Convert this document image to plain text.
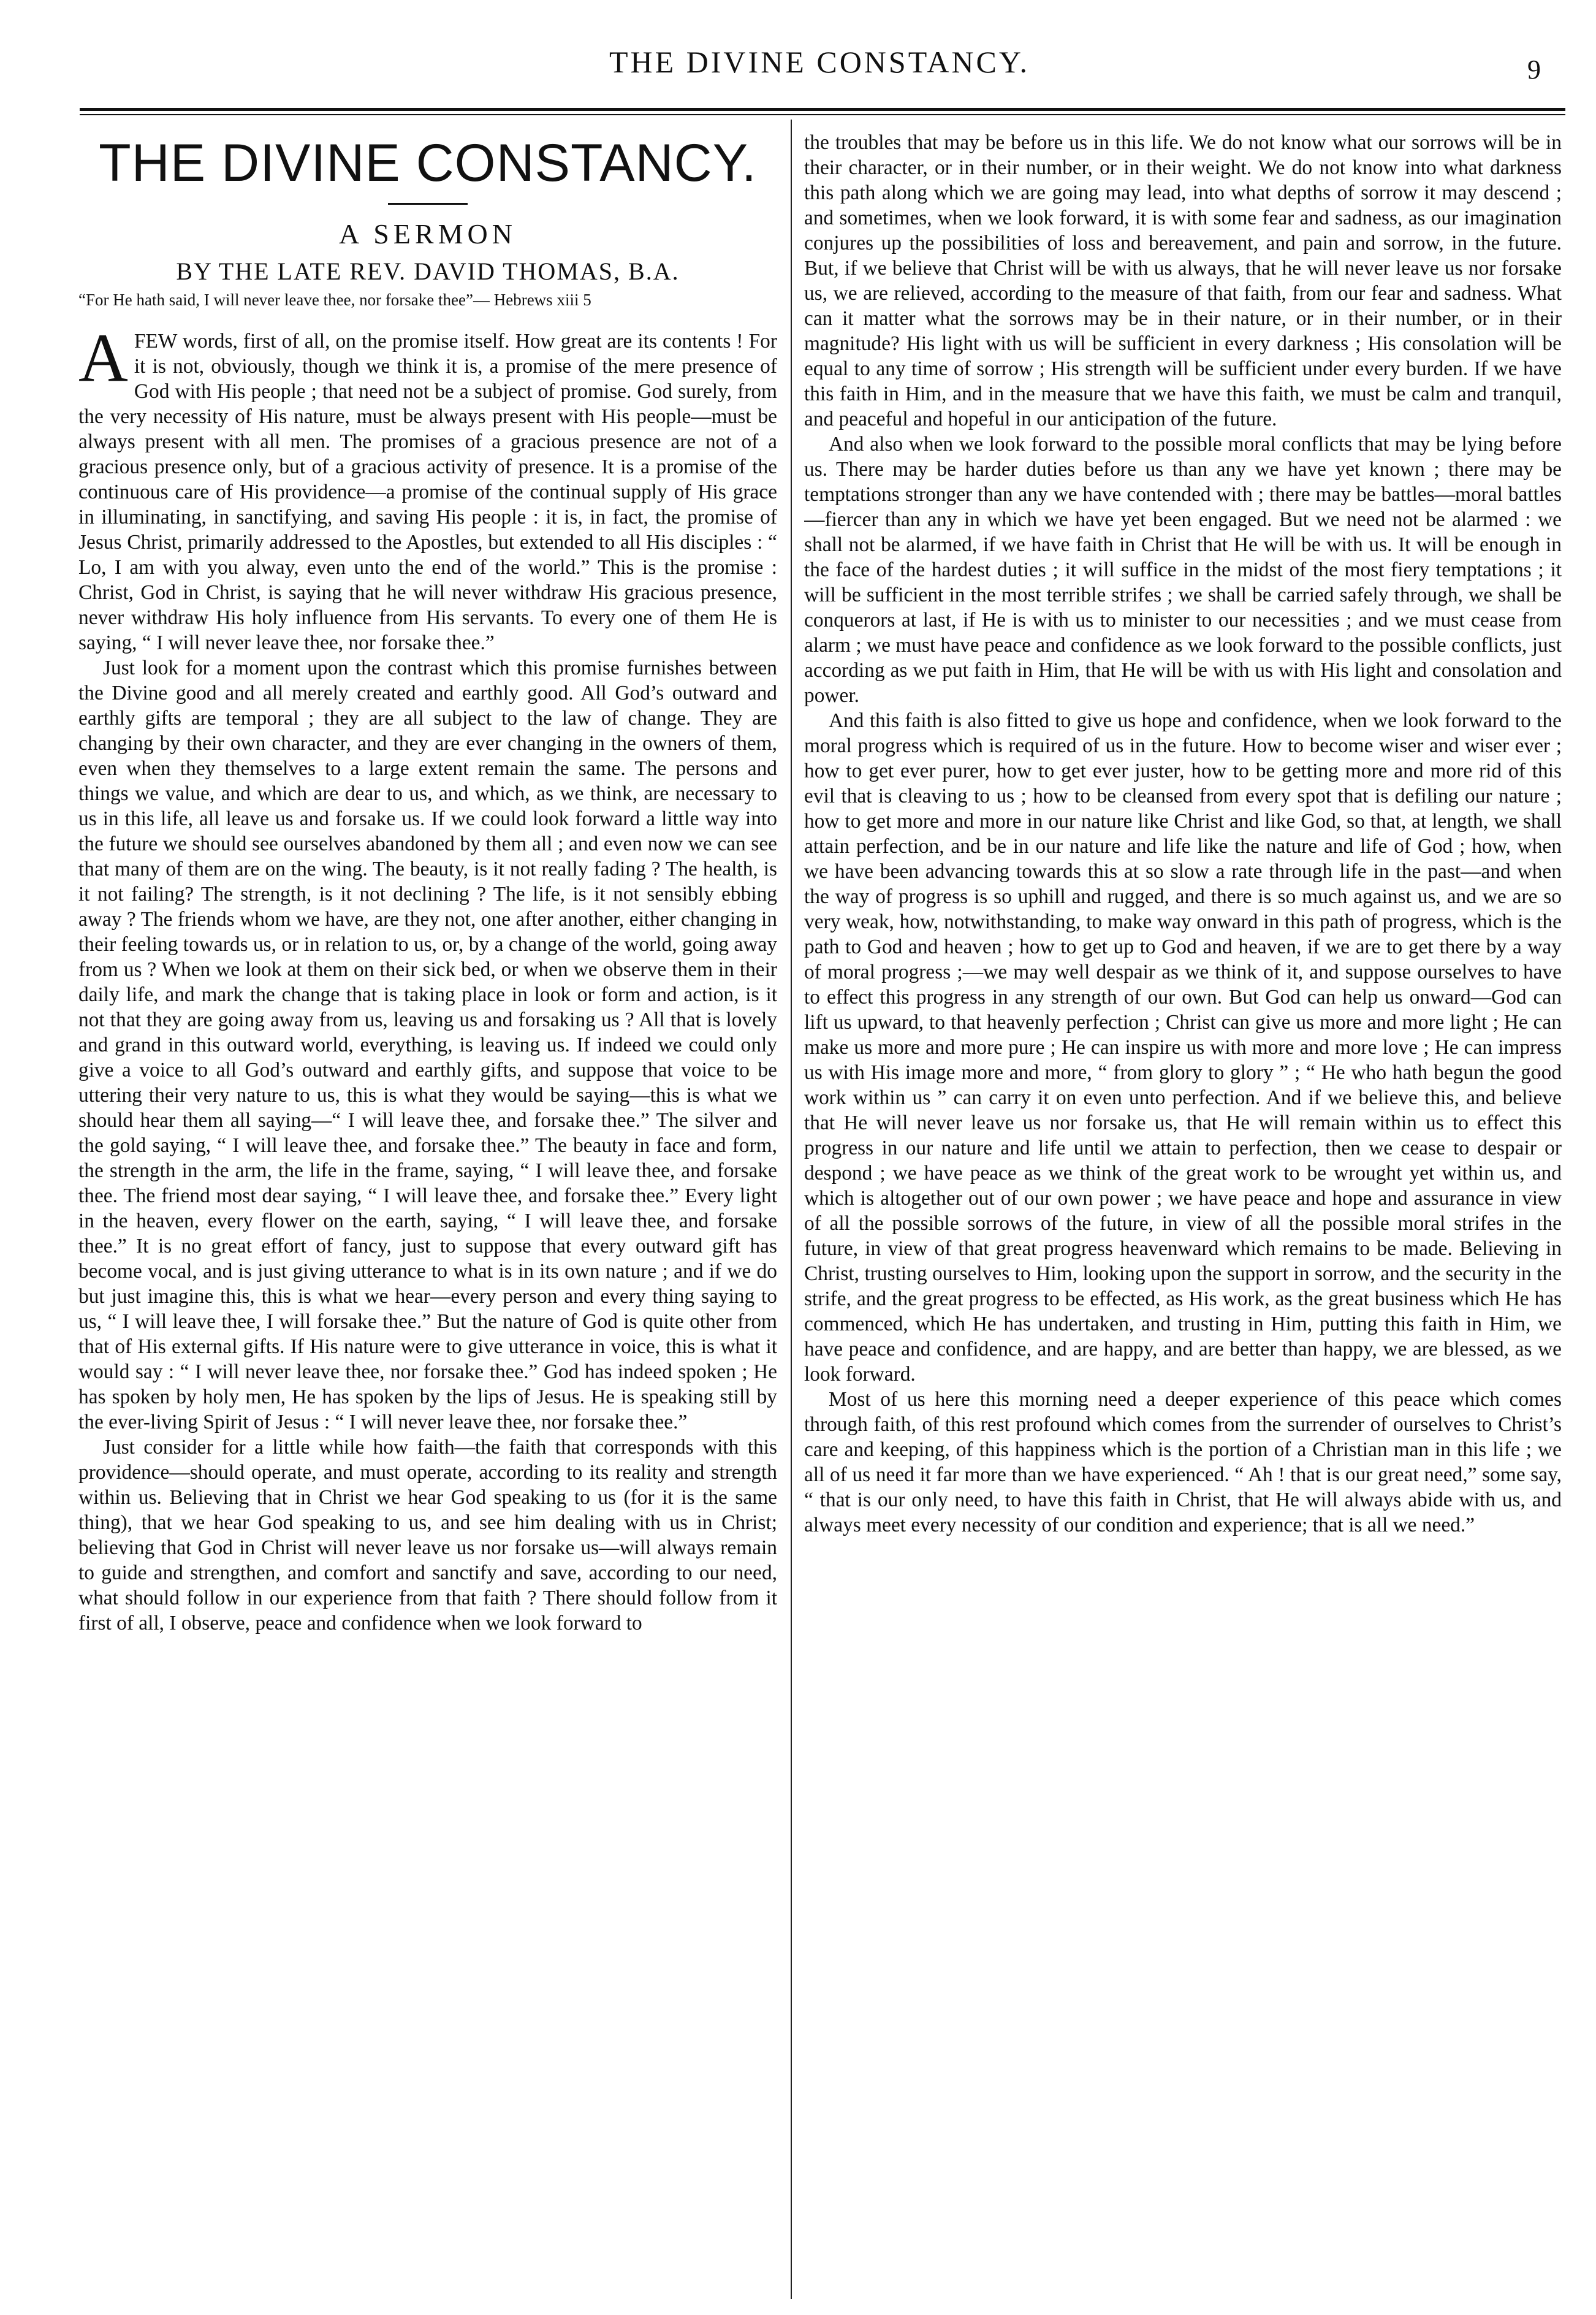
THE DIVINE CONSTANCY.	9
THE DIVINE CONSTANCY.
A SERMON
BY THE LATE REV. DAVID THOMAS, B.A.

“For He hath said, I will never leave thee, nor forsake thee”— Hebrews xiii 5

AFEW words, first of all, on the promise itself. How great are its contents ! For it is not, obviously, though we think it is, a promise of the mere presence of God with His people ; that need not be a subject of promise. God surely, from the very necessity of His nature, must be always present with His people—must be always present with all men. The promises of a gracious presence are not of a gracious presence only, but of a gracious activity of presence. It is a promise of the continuous care of His providence—a promise of the continual supply of His grace in illuminating, in sanctifying, and saving His people : it is, in fact, the promise of Jesus Christ, primarily addressed to the Apostles, but extended to all His disciples : “ Lo, I am with you alway, even unto the end of the world.” This is the promise : Christ, God in Christ, is saying that he will never withdraw His gracious presence, never withdraw His holy influence from His servants. To every one of them He is saying, “ I will never leave thee, nor forsake thee.”

Just look for a moment upon the contrast which this promise furnishes between the Divine good and all merely created and earthly good. All God’s outward and earthly gifts are temporal ; they are all subject to the law of change. They are changing by their own character, and they are ever changing in the owners of them, even when they themselves to a large extent remain the same. The persons and things we value, and which are dear to us, and which, as we think, are necessary to us in this life, all leave us and forsake us. If we could look forward a little way into the future we should see ourselves abandoned by them all ; and even now we can see that many of them are on the wing. The beauty, is it not really fading ? The health, is it not failing? The strength, is it not declining ? The life, is it not sensibly ebbing away ? The friends whom we have, are they not, one after another, either changing in their feeling towards us, or in relation to us, or, by a change of the world, going away from us ? When we look at them on their sick bed, or when we observe them in their daily life, and mark the change that is taking place in look or form and action, is it not that they are going away from us, leaving us and forsaking us ? All that is lovely and grand in this outward world, everything, is leaving us. If indeed we could only give a voice to all God’s outward and earthly gifts, and suppose that voice to be uttering their very nature to us, this is what they would be saying—this is what we should hear them all saying—“ I will leave thee, and forsake thee.” The silver and the gold saying, “ I will leave thee, and forsake thee.” The beauty in face and form, the strength in the arm, the life in the frame, saying, “ I will leave thee, and forsake thee. The friend most dear saying, “ I will leave thee, and forsake thee.” Every light in the heaven, every flower on the earth, saying, “ I will leave thee, and forsake thee.” It is no great effort of fancy, just to suppose that every outward gift has become vocal, and is just giving utterance to what is in its own nature ; and if we do but just imagine this, this is what we hear—every person and every thing saying to us, “ I will leave thee, I will forsake thee.” But the nature of God is quite other from that of His external gifts. If His nature were to give utterance in voice, this is what it would say : “ I will never leave thee, nor forsake thee.” God has indeed spoken ; He has spoken by holy men, He has spoken by the lips of Jesus. He is speaking still by the ever-living Spirit of Jesus : “ I will never leave thee, nor forsake thee.”

Just consider for a little while how faith—the faith that corresponds with this providence—should operate, and must operate, according to its reality and strength within us. Believing that in Christ we hear God speaking to us (for it is the same thing), that we hear God speaking to us, and see him dealing with us in Christ; believing that God in Christ will never leave us nor forsake us—will always remain to guide and strengthen, and comfort and sanctify and save, according to our need, what should follow in our experience from that faith ? There should follow from it first of all, I observe, peace and confidence when we look forward to

the troubles that may be before us in this life. We do not know what our sorrows will be in their character, or in their number, or in their weight. We do not know into what darkness this path along which we are going may lead, into what depths of sorrow it may descend ; and sometimes, when we look forward, it is with some fear and sadness, as our imagination conjures up the possibilities of loss and bereavement, and pain and sorrow, in the future. But, if we believe that Christ will be with us always, that he will never leave us nor forsake us, we are relieved, according to the measure of that faith, from our fear and sadness. What can it matter what the sorrows may be in their nature, or in their number, or in their magnitude? His light with us will be sufficient in every darkness ; His consolation will be equal to any time of sorrow ; His strength will be sufficient under every burden. If we have this faith in Him, and in the measure that we have this faith, we must be calm and tranquil, and peaceful and hopeful in our anticipation of the future.

And also when we look forward to the possible moral conflicts that may be lying before us. There may be harder duties before us than any we have yet known ; there may be temptations stronger than any we have contended with ; there may be battles—moral battles—fiercer than any in which we have yet been engaged. But we need not be alarmed : we shall not be alarmed, if we have faith in Christ that He will be with us. It will be enough in the face of the hardest duties ; it will suffice in the midst of the most fiery temptations ; it will be sufficient in the most terrible strifes ; we shall be carried safely through, we shall be conquerors at last, if He is with us to minister to our necessities ; and we must cease from alarm ; we must have peace and confidence as we look forward to the possible conflicts, just according as we put faith in Him, that He will be with us with His light and consolation and power.

And this faith is also fitted to give us hope and confidence, when we look forward to the moral progress which is required of us in the future. How to become wiser and wiser ever ; how to get ever purer, how to get ever juster, how to be getting more and more rid of this evil that is cleaving to us ; how to be cleansed from every spot that is defiling our nature ; how to get more and more in our nature like Christ and like God, so that, at length, we shall attain perfection, and be in our nature and life like the nature and life of God ; how, when we have been advancing towards this at so slow a rate through life in the past—and when the way of progress is so uphill and rugged, and there is so much against us, and we are so very weak, how, notwithstanding, to make way onward in this path of progress, which is the path to God and heaven ; how to get up to God and heaven, if we are to get there by a way of moral progress ;—we may well despair as we think of it, and suppose ourselves to have to effect this progress in any strength of our own. But God can help us onward—God can lift us upward, to that heavenly perfection ; Christ can give us more and more light ; He can make us more and more pure ; He can inspire us with more and more love ; He can impress us with His image more and more, “ from glory to glory ” ; “ He who hath begun the good work within us ” can carry it on even unto perfection. And if we believe this, and believe that He will never leave us nor forsake us, that He will remain within us to effect this progress in our nature and life until we attain to perfection, then we cease to despair or despond ; we have peace as we think of the great work to be wrought yet within us, and which is altogether out of our own power ; we have peace and hope and assurance in view of all the possible sorrows of the future, in view of all the possible moral strifes in the future, in view of that great progress heavenward which remains to be made. Believing in Christ, trusting ourselves to Him, looking upon the support in sorrow, and the security in the strife, and the great progress to be effected, as His work, as the great business which He has commenced, which He has undertaken, and trusting in Him, putting this faith in Him, we have peace and confidence, and are happy, and are better than happy, we are blessed, as we look forward.

Most of us here this morning need a deeper experience of this peace which comes through faith, of this rest profound which comes from the surrender of ourselves to Christ’s care and keeping, of this happiness which is the portion of a Christian man in this life ; we all of us need it far more than we have experienced. “ Ah ! that is our great need,” some say, “ that is our only need, to have this faith in Christ, that He will always abide with us, and always meet every necessity of our condition and experience; that is all we need.”
